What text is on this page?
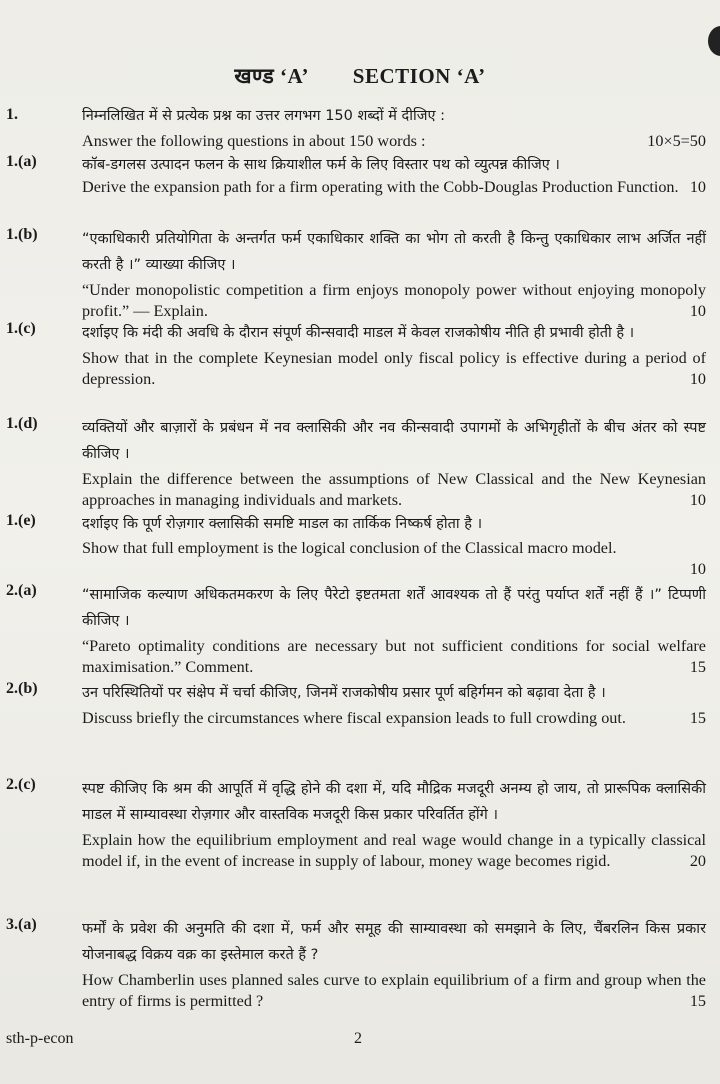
खण्ड ‘A’ SECTION ‘A’
1.	निम्नलिखित में से प्रत्येक प्रश्न का उत्तर लगभग 150 शब्दों में दीजिए :
Answer the following questions in about 150 words :	10×5=50
1.(a)	कॉब-डगलस उत्पादन फलन के साथ क्रियाशील फर्म के लिए विस्तार पथ को व्युत्पन्न कीजिए ।
Derive the expansion path for a firm operating with the Cobb-Douglas Production Function. 10
1.(b)	“एकाधिकारी प्रतियोगिता के अन्तर्गत फर्म एकाधिकार शक्ति का भोग तो करती है किन्तु एकाधिकार लाभ अर्जित नहीं करती है ।” व्याख्या कीजिए ।
“Under monopolistic competition a firm enjoys monopoly power without enjoying monopoly profit.” — Explain.	10
1.(c)	दर्शाइए कि मंदी की अवधि के दौरान संपूर्ण कीन्सवादी माडल में केवल राजकोषीय नीति ही प्रभावी होती है ।
Show that in the complete Keynesian model only fiscal policy is effective during a period of depression.	10
1.(d)	व्यक्तियों और बाज़ारों के प्रबंधन में नव क्लासिकी और नव कीन्सवादी उपागमों के अभिगृहीतों के बीच अंतर को स्पष्ट कीजिए ।
Explain the difference between the assumptions of New Classical and the New Keynesian approaches in managing individuals and markets.	10
1.(e)	दर्शाइए कि पूर्ण रोज़गार क्लासिकी समष्टि माडल का तार्किक निष्कर्ष होता है ।
Show that full employment is the logical conclusion of the Classical macro model.
10
2.(a)	“सामाजिक कल्याण अधिकतमकरण के लिए पैरेटो इष्टतमता शर्तें आवश्यक तो हैं परंतु पर्याप्त शर्तें नहीं हैं ।” टिप्पणी कीजिए ।
“Pareto optimality conditions are necessary but not sufficient conditions for social welfare maximisation.” Comment.	15
2.(b)	उन परिस्थितियों पर संक्षेप में चर्चा कीजिए, जिनमें राजकोषीय प्रसार पूर्ण बहिर्गमन को बढ़ावा देता है ।
Discuss briefly the circumstances where fiscal expansion leads to full crowding out.	15
2.(c)	स्पष्ट कीजिए कि श्रम की आपूर्ति में वृद्धि होने की दशा में, यदि मौद्रिक मजदूरी अनम्य हो जाय, तो प्रारूपिक क्लासिकी माडल में साम्यावस्था रोज़गार और वास्तविक मजदूरी किस प्रकार परिवर्तित होंगे ।
Explain how the equilibrium employment and real wage would change in a typically classical model if, in the event of increase in supply of labour, money wage becomes rigid.	20
3.(a)	फर्मों के प्रवेश की अनुमति की दशा में, फर्म और समूह की साम्यावस्था को समझाने के लिए, चैंबरलिन किस प्रकार योजनाबद्ध विक्रय वक्र का इस्तेमाल करते हैं ?
How Chamberlin uses planned sales curve to explain equilibrium of a firm and group when the entry of firms is permitted ?	15
sth-p-econ	2
